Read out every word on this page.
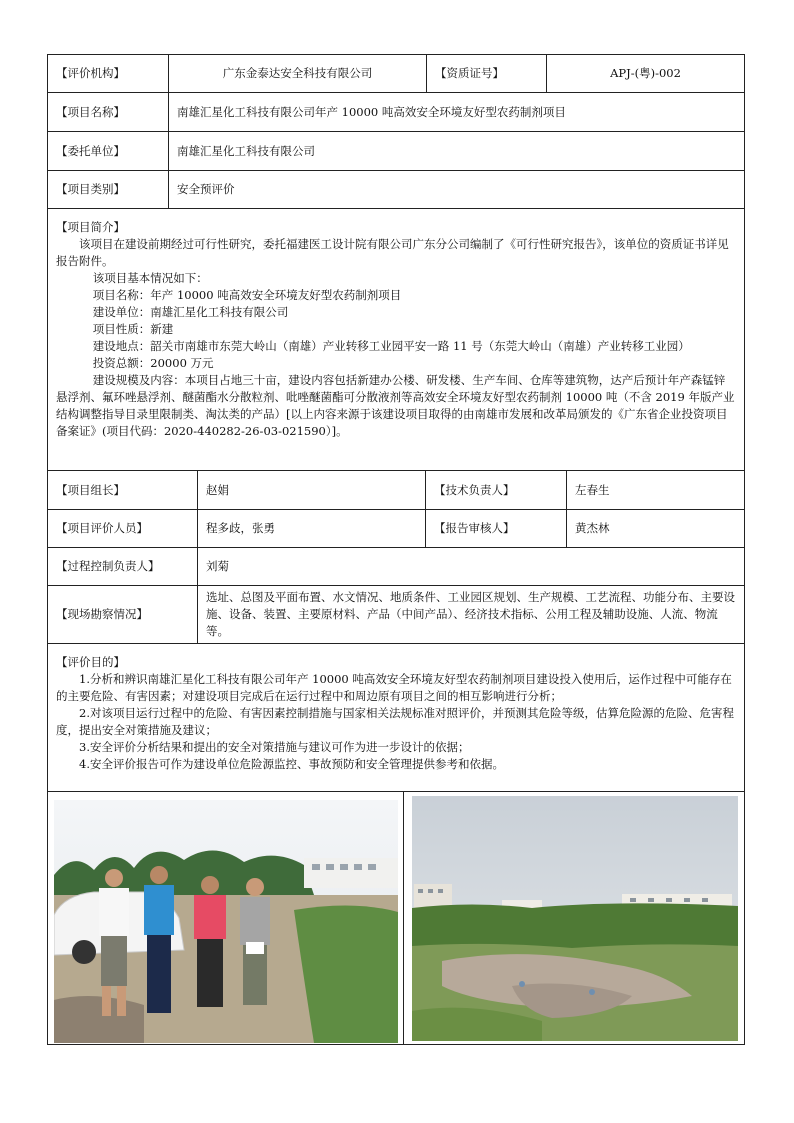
【评价机构】	广东金泰达安全科技有限公司	【资质证号】	APJ-(粤)-002
【项目名称】	南雄汇星化工科技有限公司年产 10000 吨高效安全环境友好型农药制剂项目
【委托单位】	南雄汇星化工科技有限公司
【项目类别】	安全预评价

【项目简介】

该项目在建设前期经过可行性研究，委托福建医工设计院有限公司广东分公司编制了《可行性研究报告》，该单位的资质证书详见报告附件。

该项目基本情况如下：

项目名称：年产 10000 吨高效安全环境友好型农药制剂项目

建设单位：南雄汇星化工科技有限公司

项目性质：新建

建设地点：韶关市南雄市东莞大岭山（南雄）产业转移工业园平安一路 11 号（东莞大岭山（南雄）产业转移工业园）

投资总额：20000 万元

建设规模及内容：本项目占地三十亩，建设内容包括新建办公楼、研发楼、生产车间、仓库等建筑物，达产后预计年产森锰锌悬浮剂、氟环唑悬浮剂、醚菌酯水分散粒剂、吡唑醚菌酯可分散液剂等高效安全环境友好型农药制剂 10000 吨（不含 2019 年版产业结构调整指导目录里限制类、淘汰类的产品）[以上内容来源于该建设项目取得的由南雄市发展和改革局颁发的《广东省企业投资项目备案证》(项目代码：2020-440282-26-03-021590）]。

【项目组长】	赵娟	【技术负责人】	左春生
【项目评价人员】	程多歧，张勇	【报告审核人】	黄杰林
【过程控制负责人】	刘菊
【现场勘察情况】
选址、总图及平面布置、水文情况、地质条件、工业园区规划、生产规模、工艺流程、功能分布、主要设施、设备、装置、主要原材料、产品（中间产品）、经济技术指标、公用工程及辅助设施、人流、物流等。

【评价目的】

1.分析和辨识南雄汇星化工科技有限公司年产 10000 吨高效安全环境友好型农药制剂项目建设投入使用后，运作过程中可能存在的主要危险、有害因素；对建设项目完成后在运行过程中和周边原有项目之间的相互影响进行分析；

2.对该项目运行过程中的危险、有害因素控制措施与国家相关法规标准对照评价，并预测其危险等级，估算危险源的危险、危害程度，提出安全对策措施及建议；

3.安全评价分析结果和提出的安全对策措施与建议可作为进一步设计的依据；

4.安全评价报告可作为建设单位危险源监控、事故预防和安全管理提供参考和依据。
